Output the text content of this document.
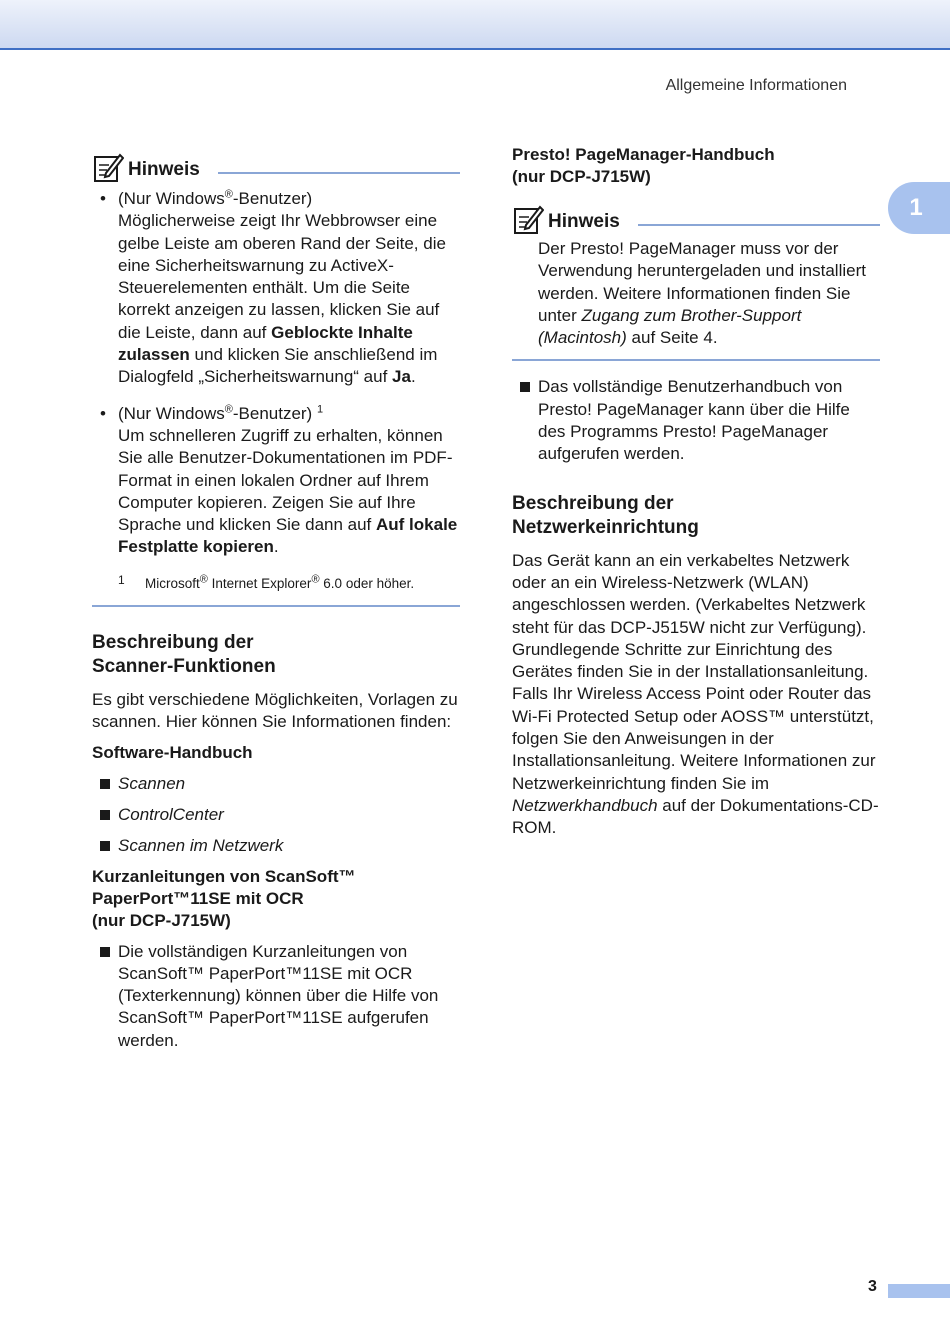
Allgemeine Informationen
1
Hinweis
• (Nur Windows®-Benutzer)
Möglicherweise zeigt Ihr Webbrowser eine gelbe Leiste am oberen Rand der Seite, die eine Sicherheitswarnung zu ActiveX-Steuerelementen enthält. Um die Seite korrekt anzeigen zu lassen, klicken Sie auf die Leiste, dann auf Geblockte Inhalte zulassen und klicken Sie anschließend im Dialogfeld „Sicherheitswarnung“ auf Ja.
• (Nur Windows®-Benutzer) $^1$
Um schnelleren Zugriff zu erhalten, können Sie alle Benutzer-Dokumentationen im PDF-Format in einen lokalen Ordner auf Ihrem Computer kopieren. Zeigen Sie auf Ihre Sprache und klicken Sie dann auf Auf lokale Festplatte kopieren.
1 Microsoft® Internet Explorer® 6.0 oder höher.
Beschreibung der
Scanner-Funktionen
Es gibt verschiedene Möglichkeiten, Vorlagen zu scannen. Hier können Sie Informationen finden:
Software-Handbuch
Scannen
ControlCenter
Scannen im Netzwerk
Kurzanleitungen von ScanSoft™
PaperPort™11SE mit OCR
(nur DCP-J715W)
Die vollständigen Kurzanleitungen von ScanSoft™ PaperPort™11SE mit OCR (Texterkennung) können über die Hilfe von ScanSoft™ PaperPort™11SE aufgerufen werden.
Presto! PageManager-Handbuch
(nur DCP-J715W)
Hinweis
Der Presto! PageManager muss vor der Verwendung heruntergeladen und installiert werden. Weitere Informationen finden Sie unter Zugang zum Brother-Support (Macintosh) auf Seite 4.
Das vollständige Benutzerhandbuch von Presto! PageManager kann über die Hilfe des Programms Presto! PageManager aufgerufen werden.
Beschreibung der
Netzwerkeinrichtung
Das Gerät kann an ein verkabeltes Netzwerk oder an ein Wireless-Netzwerk (WLAN) angeschlossen werden. (Verkabeltes Netzwerk steht für das DCP-J515W nicht zur Verfügung). Grundlegende Schritte zur Einrichtung des Gerätes finden Sie in der Installationsanleitung. Falls Ihr Wireless Access Point oder Router das Wi-Fi Protected Setup oder AOSS™ unterstützt, folgen Sie den Anweisungen in der Installationsanleitung. Weitere Informationen zur Netzwerkeinrichtung finden Sie im Netzwerkhandbuch auf der Dokumentations-CD-ROM.
3
